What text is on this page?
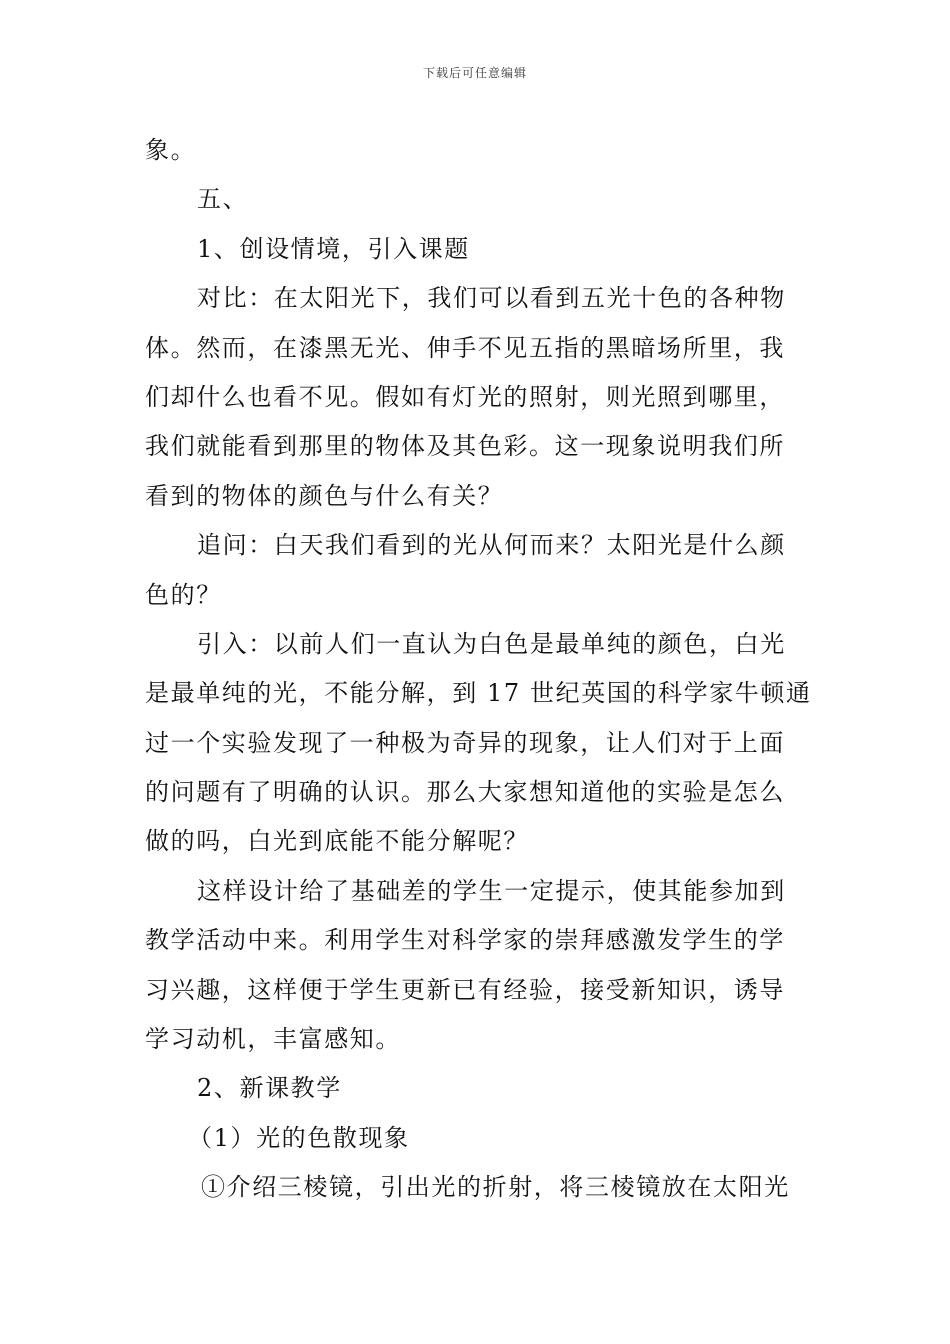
下载后可任意编辑
象。
五、
1、创设情境，引入课题
对比：在太阳光下，我们可以看到五光十色的各种物
体。然而，在漆黑无光、伸手不见五指的黑暗场所里，我
们却什么也看不见。假如有灯光的照射，则光照到哪里，
我们就能看到那里的物体及其色彩。这一现象说明我们所
看到的物体的颜色与什么有关？
追问：白天我们看到的光从何而来？太阳光是什么颜
色的？
引入：以前人们一直认为白色是最单纯的颜色，白光
是最单纯的光，不能分解，到 17 世纪英国的科学家牛顿通
过一个实验发现了一种极为奇异的现象，让人们对于上面
的问题有了明确的认识。那么大家想知道他的实验是怎么
做的吗，白光到底能不能分解呢？
这样设计给了基础差的学生一定提示，使其能参加到
教学活动中来。利用学生对科学家的崇拜感激发学生的学
习兴趣，这样便于学生更新已有经验，接受新知识，诱导
学习动机，丰富感知。
2、新课教学
（1）光的色散现象
①介绍三棱镜，引出光的折射，将三棱镜放在太阳光
